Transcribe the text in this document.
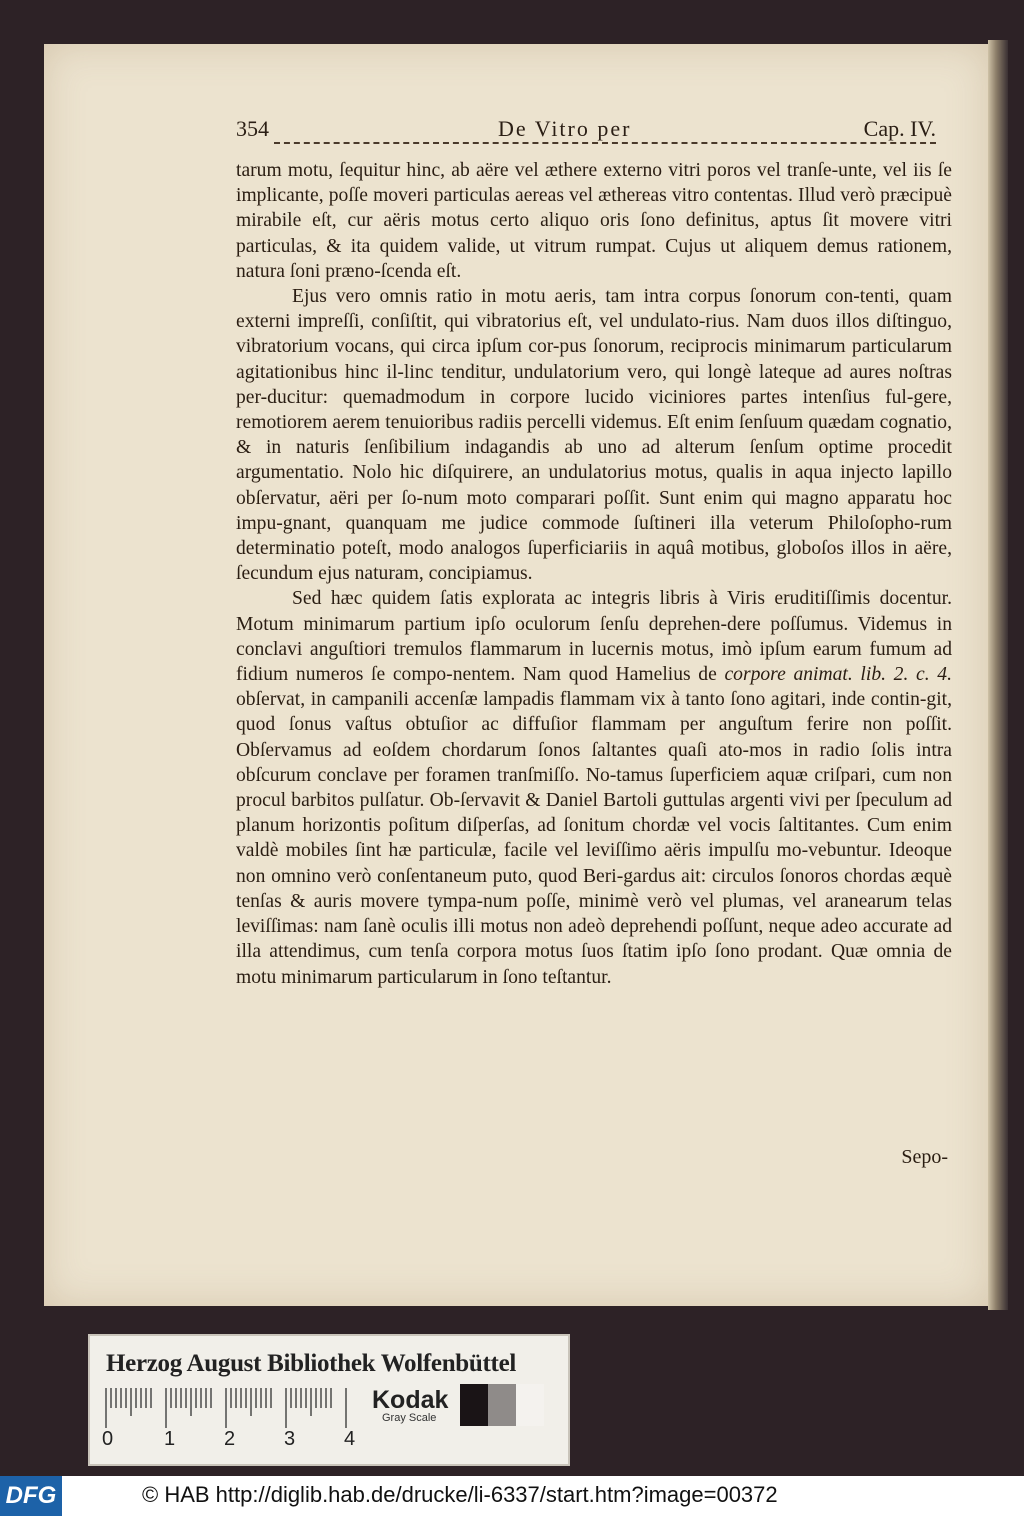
354	De Vitro per	Cap. IV.

tarum motu, ſequitur hinc, ab aëre vel æthere externo vitri poros vel tranſe-unte, vel iis ſe implicante, poſſe moveri particulas aereas vel æthereas vitro contentas. Illud verò præcipuè mirabile eſt, cur aëris motus certo aliquo oris ſono definitus, aptus ſit movere vitri particulas, & ita quidem valide, ut vitrum rumpat. Cujus ut aliquem demus rationem, natura ſoni præno-ſcenda eſt.

Ejus vero omnis ratio in motu aeris, tam intra corpus ſonorum con-tenti, quam externi impreſſi, conſiſtit, qui vibratorius eſt, vel undulato-rius. Nam duos illos diſtinguo, vibratorium vocans, qui circa ipſum cor-pus ſonorum, reciprocis minimarum particularum agitationibus hinc il-linc tenditur, undulatorium vero, qui longè lateque ad aures noſtras per-ducitur: quemadmodum in corpore lucido viciniores partes intenſius ful-gere, remotiorem aerem tenuioribus radiis percelli videmus. Eſt enim ſenſuum quædam cognatio, & in naturis ſenſibilium indagandis ab uno ad alterum ſenſum optime procedit argumentatio. Nolo hic diſquirere, an undulatorius motus, qualis in aqua injecto lapillo obſervatur, aëri per ſo-num moto comparari poſſit. Sunt enim qui magno apparatu hoc impu-gnant, quanquam me judice commode ſuſtineri illa veterum Philoſopho-rum determinatio poteſt, modo analogos ſuperficiariis in aquâ motibus, globoſos illos in aëre, ſecundum ejus naturam, concipiamus.

Sed hæc quidem ſatis explorata ac integris libris à Viris eruditiſſimis docentur. Motum minimarum partium ipſo oculorum ſenſu deprehen-dere poſſumus. Videmus in conclavi anguſtiori tremulos flammarum in lucernis motus, imò ipſum earum fumum ad fidium numeros ſe compo-nentem. Nam quod Hamelius de corpore animat. lib. 2. c. 4. obſervat, in campanili accenſæ lampadis flammam vix à tanto ſono agitari, inde contin-git, quod ſonus vaſtus obtuſior ac diffuſior flammam per anguſtum ferire non poſſit. Obſervamus ad eoſdem chordarum ſonos ſaltantes quaſi ato-mos in radio ſolis intra obſcurum conclave per foramen tranſmiſſo. No-tamus ſuperficiem aquæ criſpari, cum non procul barbitos pulſatur. Ob-ſervavit & Daniel Bartoli guttulas argenti vivi per ſpeculum ad planum horizontis poſitum diſperſas, ad ſonitum chordæ vel vocis ſaltitantes. Cum enim valdè mobiles ſint hæ particulæ, facile vel leviſſimo aëris impulſu mo-vebuntur. Ideoque non omnino verò conſentaneum puto, quod Beri-gardus ait: circulos ſonoros chordas æquè tenſas & auris movere tympa-num poſſe, minimè verò vel plumas, vel aranearum telas leviſſimas: nam ſanè oculis illi motus non adeò deprehendi poſſunt, neque adeo accurate ad illa attendimus, cum tenſa corpora motus ſuos ſtatim ipſo ſono prodant. Quæ omnia de motu minimarum particularum in ſono teſtantur.

Sepo-
Herzog August Bibliothek Wolfenbüttel
0	1 2 3 4
Kodak
Gray Scale
DFG	© HAB http://diglib.hab.de/drucke/li-6337/start.htm?image=00372
